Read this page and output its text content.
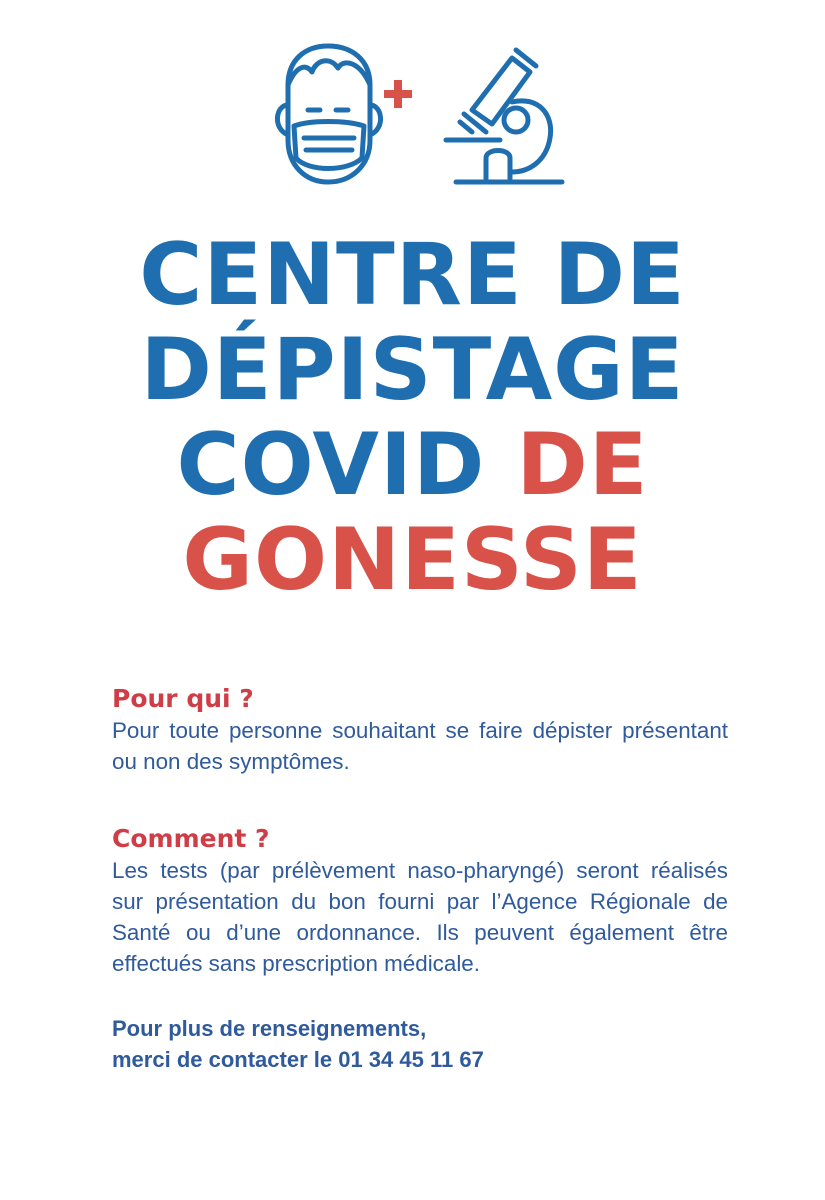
CENTRE DE
DÉPISTAGE
COVID DE
GONESSE
Pour qui ?

Pour toute personne souhaitant se faire dépister présentant ou non des symptômes.

Comment ?

Les tests (par prélèvement naso-pharyngé) seront réalisés sur présentation du bon fourni par l’Agence Régionale de Santé ou d’une ordonnance. Ils peuvent également être effectués sans prescription médicale.

Pour plus de renseignements,
merci de contacter le 01 34 45 11 67
